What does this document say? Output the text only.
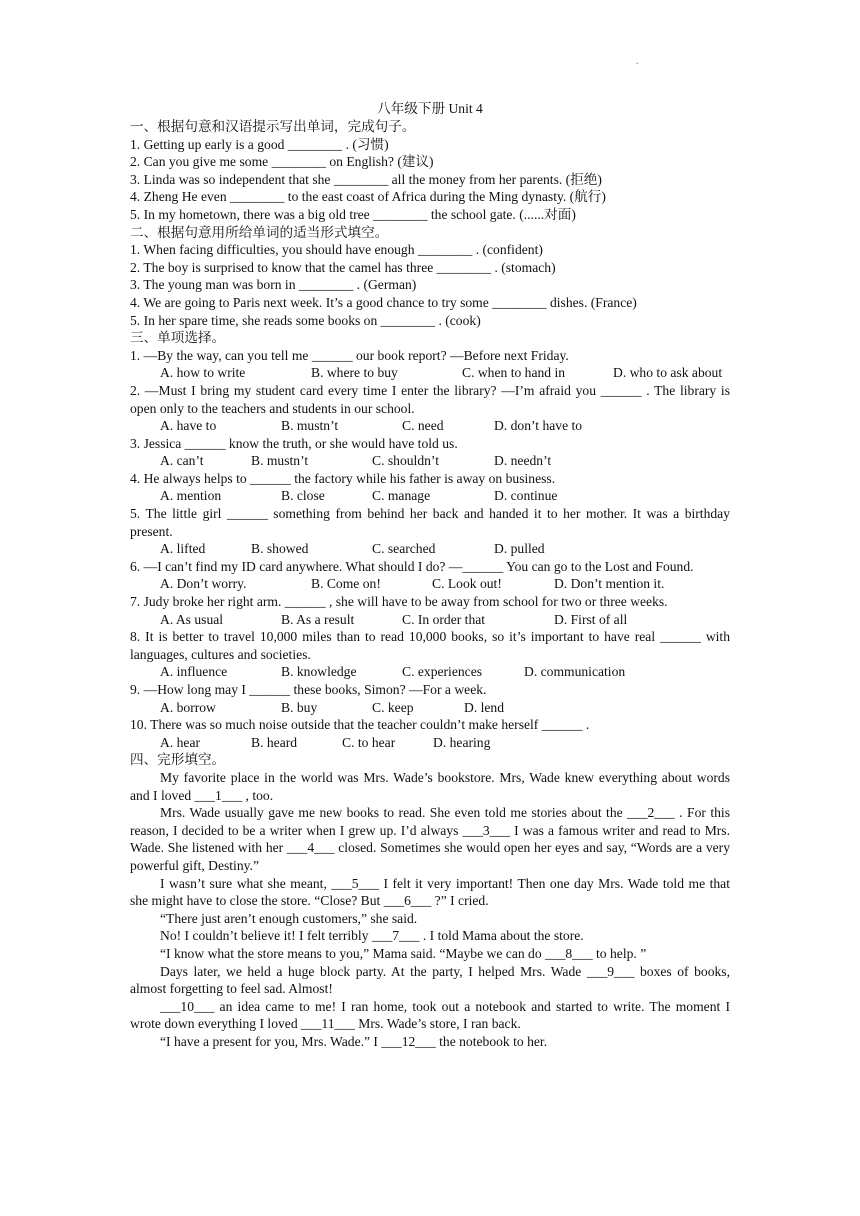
.
八年级下册 Unit 4
一、根据句意和汉语提示写出单词，完成句子。
1. Getting up early is a good ________ . (习惯)
2. Can you give me some ________ on English? (建议)
3. Linda was so independent that she ________ all the money from her parents. (拒绝)
4. Zheng He even ________ to the east coast of Africa during the Ming dynasty. (航行)
5. In my hometown, there was a big old tree ________ the school gate. (......对面)
二、根据句意用所给单词的适当形式填空。
1. When facing difficulties, you should have enough ________ . (confident)
2. The boy is surprised to know that the camel has three ________ . (stomach)
3. The young man was born in ________ . (German)
4. We are going to Paris next week. It’s a good chance to try some ________ dishes. (France)
5. In her spare time, she reads some books on ________ . (cook)
三、单项选择。
1. —By the way, can you tell me ______ our book report? —Before next Friday.
A. how to write	B. where to buy	C. when to hand in	D. who to ask about
2. —Must I bring my student card every time I enter the library? —I’m afraid you ______ . The library is open only to the teachers and students in our school.
A. have to	B. mustn’t	C. need	D. don’t have to
3. Jessica ______ know the truth, or she would have told us.
A. can’t	B. mustn’t	C. shouldn’t	D. needn’t
4. He always helps to ______ the factory while his father is away on business.
A. mention	B. close	C. manage	D. continue
5. The little girl ______ something from behind her back and handed it to her mother. It was a birthday present.
A. lifted	B. showed	C. searched	D. pulled
6. —I can’t find my ID card anywhere. What should I do? —______ You can go to the Lost and Found.
A. Don’t worry.	B. Come on!	C. Look out!	D. Don’t mention it.
7. Judy broke her right arm. ______ , she will have to be away from school for two or three weeks.
A. As usual	B. As a result	C. In order that	D. First of all
8. It is better to travel 10,000 miles than to read 10,000 books, so it’s important to have real ______ with languages, cultures and societies.
A. influence	B. knowledge	C. experiences	D. communication
9. —How long may I ______ these books, Simon? —For a week.
A. borrow	B. buy	C. keep	D. lend
10. There was so much noise outside that the teacher couldn’t make herself ______ .
A. hear	B. heard	C. to hear	D. hearing
四、完形填空。
My favorite place in the world was Mrs. Wade’s bookstore. Mrs, Wade knew everything about words and I loved ___1___ , too.
Mrs. Wade usually gave me new books to read. She even told me stories about the ___2___ . For this reason, I decided to be a writer when I grew up. I’d always ___3___ I was a famous writer and read to Mrs. Wade. She listened with her ___4___ closed. Sometimes she would open her eyes and say, “Words are a very powerful gift, Destiny.”
I wasn’t sure what she meant, ___5___ I felt it very important! Then one day Mrs. Wade told me that she might have to close the store. “Close? But ___6___ ?” I cried.
“There just aren’t enough customers,” she said.
No! I couldn’t believe it! I felt terribly ___7___ . I told Mama about the store.
“I know what the store means to you,” Mama said. “Maybe we can do ___8___ to help. ”
Days later, we held a huge block party. At the party, I helped Mrs. Wade ___9___ boxes of books, almost forgetting to feel sad. Almost!
___10___ an idea came to me! I ran home, took out a notebook and started to write. The moment I wrote down everything I loved ___11___ Mrs. Wade’s store, I ran back.
“I have a present for you, Mrs. Wade.” I ___12___ the notebook to her.
